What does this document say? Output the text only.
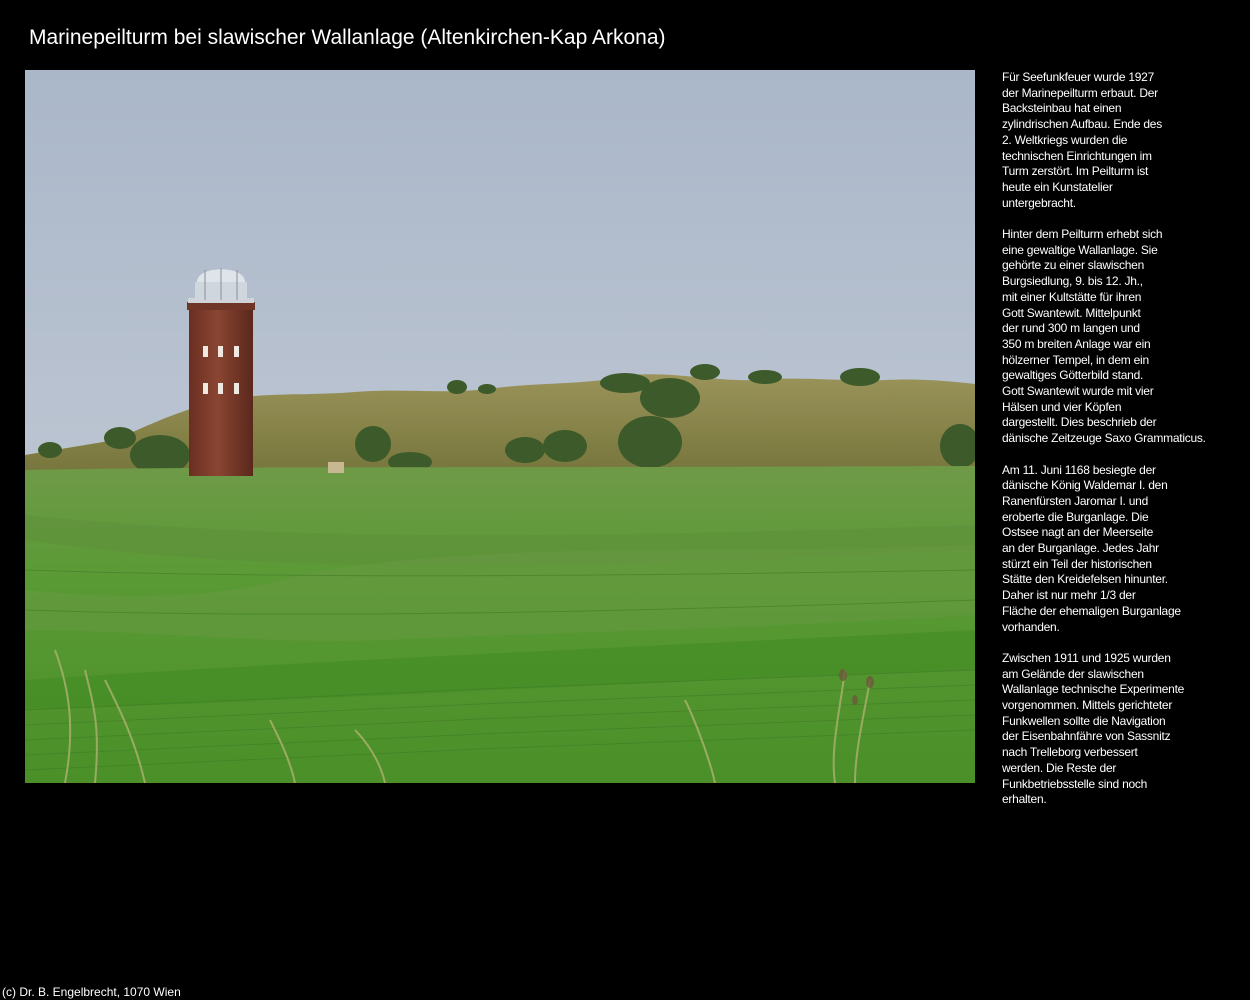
Marinepeilturm bei slawischer Wallanlage (Altenkirchen-Kap Arkona)

Für Seefunkfeuer wurde 1927
der Marinepeilturm erbaut. Der
Backsteinbau hat einen
zylindrischen Aufbau. Ende des
2. Weltkriegs wurden die
technischen Einrichtungen im
Turm zerstört. Im Peilturm ist
heute ein Kunstatelier
untergebracht.

Hinter dem Peilturm erhebt sich
eine gewaltige Wallanlage. Sie
gehörte zu einer slawischen
Burgsiedlung, 9. bis 12. Jh.,
mit einer Kultstätte für ihren
Gott Swantewit. Mittelpunkt
der rund 300 m langen und
350 m breiten Anlage war ein
hölzerner Tempel, in dem ein
gewaltiges Götterbild stand.
Gott Swantewit wurde mit vier
Hälsen und vier Köpfen
dargestellt. Dies beschrieb der
dänische Zeitzeuge Saxo Grammaticus.

Am 11. Juni 1168 besiegte der
dänische König Waldemar I. den
Ranenfürsten Jaromar I. und
eroberte die Burganlage. Die
Ostsee nagt an der Meerseite
an der Burganlage. Jedes Jahr
stürzt ein Teil der historischen
Stätte den Kreidefelsen hinunter.
Daher ist nur mehr 1/3 der
Fläche der ehemaligen Burganlage
vorhanden.

Zwischen 1911 und 1925 wurden
am Gelände der slawischen
Wallanlage technische Experimente
vorgenommen. Mittels gerichteter
Funkwellen sollte die Navigation
der Eisenbahnfähre von Sassnitz
nach Trelleborg verbessert
werden. Die Reste der
Funkbetriebsstelle sind noch
erhalten.

(c) Dr. B. Engelbrecht, 1070 Wien
